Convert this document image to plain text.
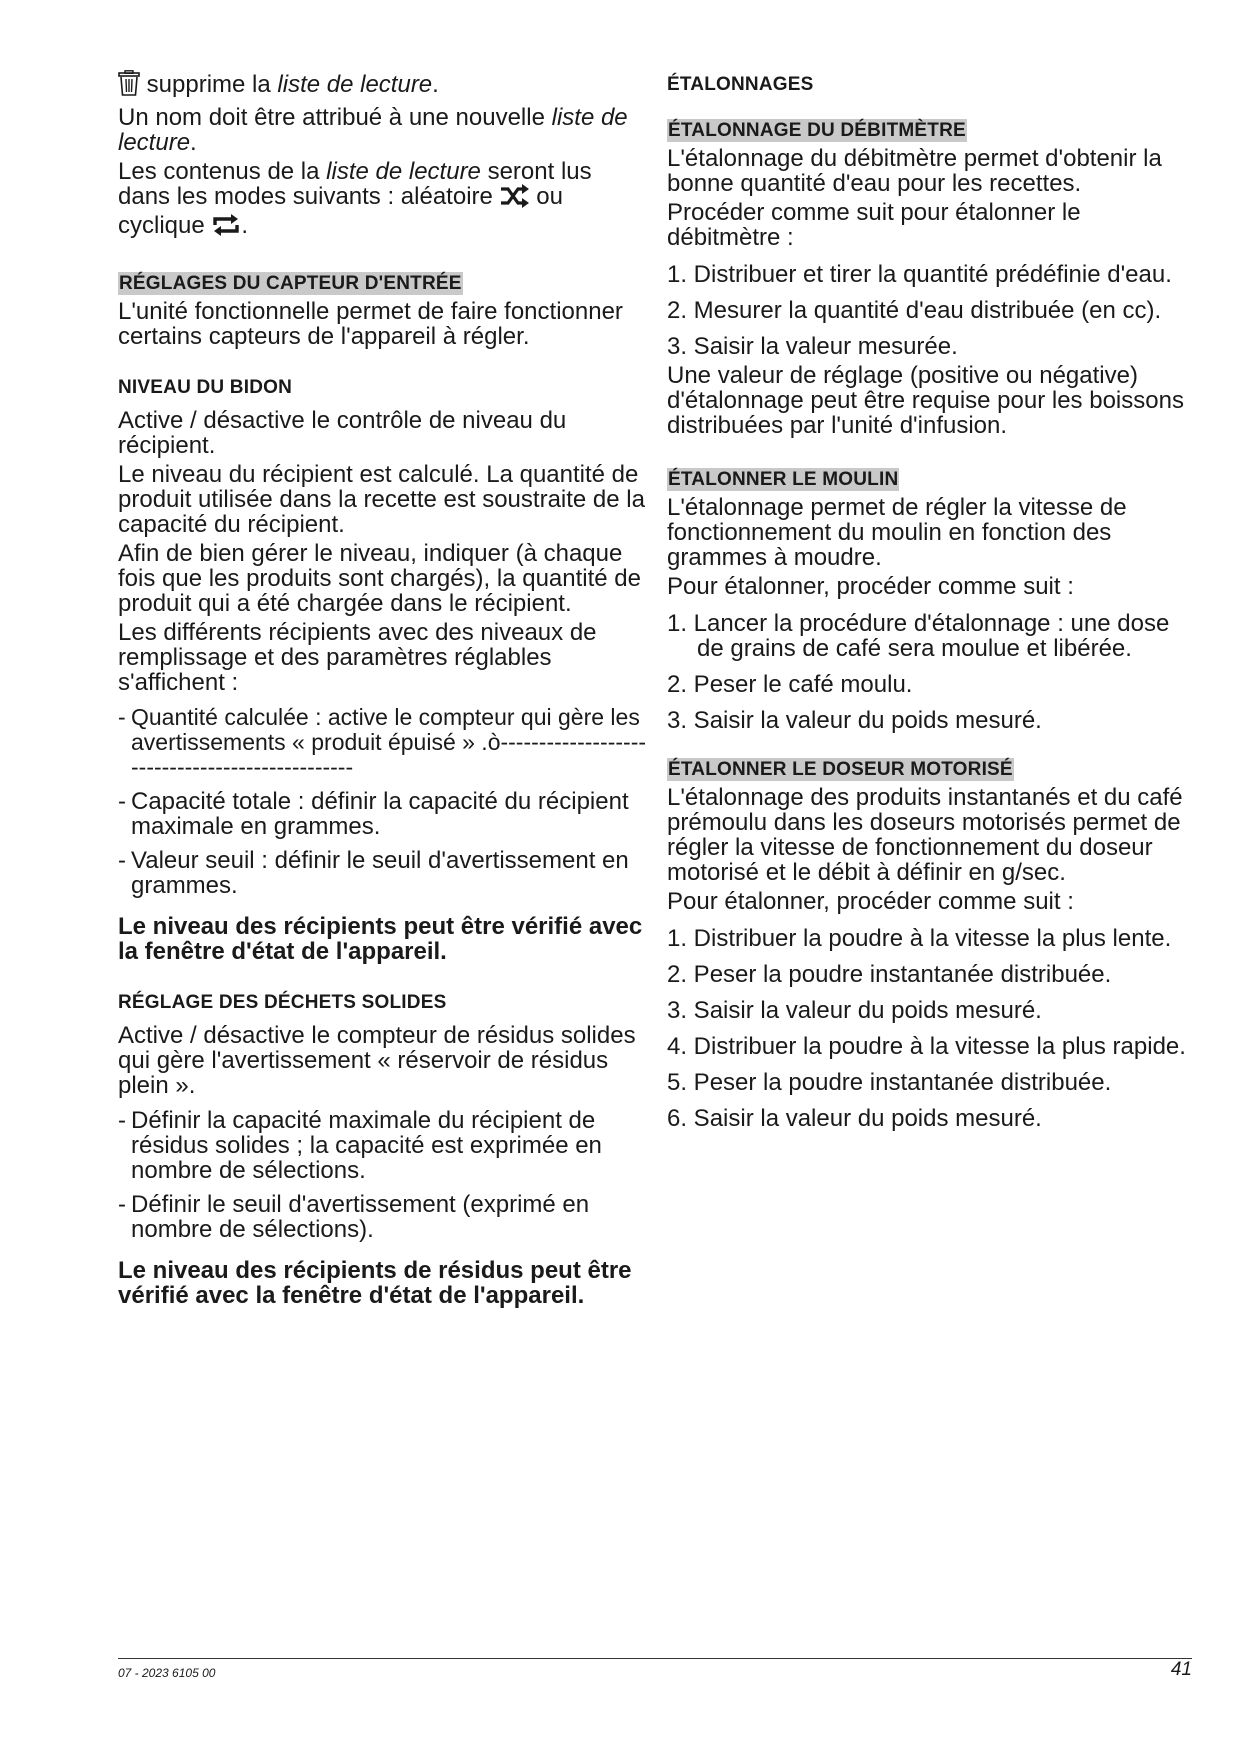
supprime la liste de lecture.

Un nom doit être attribué à une nouvelle liste de lecture.

Les contenus de la liste de lecture seront lus dans les modes suivants : aléatoire ou cyclique .

RÉGLAGES DU CAPTEUR D'ENTRÉE

L'unité fonctionnelle permet de faire fonctionner certains capteurs de l'appareil à régler.

NIVEAU DU BIDON

Active / désactive le contrôle de niveau du récipient.

Le niveau du récipient est calculé. La quantité de produit utilisée dans la recette est soustraite de la capacité du récipient.

Afin de bien gérer le niveau, indiquer (à chaque fois que les produits sont chargés), la quantité de produit qui a été chargée dans le récipient.

Les différents récipients avec des niveaux de remplissage et des paramètres réglables s'affichent :

- Quantité calculée : active le compteur qui gère les avertissements « produit épuisé » .ò------------------------------------------------
- Capacité totale : définir la capacité du récipient maximale en grammes.
- Valeur seuil : définir le seuil d'avertissement en grammes.

Le niveau des récipients peut être vérifié avec la fenêtre d'état de l'appareil.

RÉGLAGE DES DÉCHETS SOLIDES

Active / désactive le compteur de résidus solides qui gère l'avertissement « réservoir de résidus plein ».

- Définir la capacité maximale du récipient de résidus solides ; la capacité est exprimée en nombre de sélections.
- Définir le seuil d'avertissement (exprimé en nombre de sélections).

Le niveau des récipients de résidus peut être vérifié avec la fenêtre d'état de l'appareil.

ÉTALONNAGES
ÉTALONNAGE DU DÉBITMÈTRE

L'étalonnage du débitmètre permet d'obtenir la bonne quantité d'eau pour les recettes.

Procéder comme suit pour étalonner le débitmètre :

1. Distribuer et tirer la quantité prédéfinie d'eau.
2. Mesurer la quantité d'eau distribuée (en cc).
3. Saisir la valeur mesurée.

Une valeur de réglage (positive ou négative) d'étalonnage peut être requise pour les boissons distribuées par l'unité d'infusion.

ÉTALONNER LE MOULIN

L'étalonnage permet de régler la vitesse de fonctionnement du moulin en fonction des grammes à moudre.

Pour étalonner, procéder comme suit :

1. Lancer la procédure d'étalonnage : une dose de grains de café sera moulue et libérée.
2. Peser le café moulu.
3. Saisir la valeur du poids mesuré.
ÉTALONNER LE DOSEUR MOTORISÉ

L'étalonnage des produits instantanés et du café prémoulu dans les doseurs motorisés permet de régler la vitesse de fonctionnement du doseur motorisé et le débit à définir en g/sec.

Pour étalonner, procéder comme suit :

1. Distribuer la poudre à la vitesse la plus lente.
2. Peser la poudre instantanée distribuée.
3. Saisir la valeur du poids mesuré.
4. Distribuer la poudre à la vitesse la plus rapide.
5. Peser la poudre instantanée distribuée.
6. Saisir la valeur du poids mesuré.
07 - 2023 6105 00	41
